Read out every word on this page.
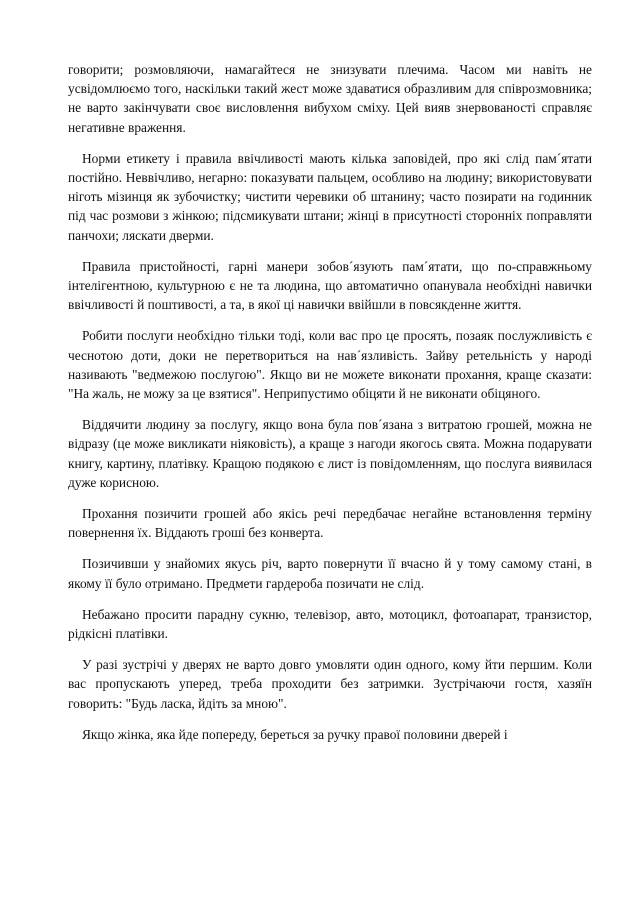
говорити; розмовляючи, намагайтеся не знизувати плечима. Часом ми навіть не усвідомлюємо того, наскільки такий жест може здаватися образливим для співрозмовника; не варто закінчувати своє висловлення вибухом сміху. Цей вияв знервованості справляє негативне враження.

Норми етикету і правила ввічливості мають кілька заповідей, про які слід пам´ятати постійно. Неввічливо, негарно: показувати пальцем, особливо на людину; використовувати ніготь мізинця як зубочистку; чистити черевики об штанину; часто позирати на годинник під час розмови з жінкою; підсмикувати штани; жінці в присутності сторонніх поправляти панчохи; ляскати дверми.

Правила пристойності, гарні манери зобов´язують пам´ятати, що по-справжньому інтелігентною, культурною є не та людина, що автоматично опанувала необхідні навички ввічливості й поштивості, а та, в якої ці навички ввійшли в повсякденне життя.

Робити послуги необхідно тільки тоді, коли вас про це просять, позаяк послужливість є чеснотою доти, доки не перетвориться на нав´язливість. Зайву ретельність у народі називають "ведмежою послугою". Якщо ви не можете виконати прохання, краще сказати: "На жаль, не можу за це взятися". Неприпустимо обіцяти й не виконати обіцяного.

Віддячити людину за послугу, якщо вона була пов´язана з витратою грошей, можна не відразу (це може викликати ніяковість), а краще з нагоди якогось свята. Можна подарувати книгу, картину, платівку. Кращою подякою є лист із повідомленням, що послуга виявилася дуже корисною.

Прохання позичити грошей або якісь речі передбачає негайне встановлення терміну повернення їх. Віддають гроші без конверта.

Позичивши у знайомих якусь річ, варто повернути її вчасно й у тому самому стані, в якому її було отримано. Предмети гардероба позичати не слід.

Небажано просити парадну сукню, телевізор, авто, мотоцикл, фотоапарат, транзистор, рідкісні платівки.

У разі зустрічі у дверях не варто довго умовляти один одного, кому йти першим. Коли вас пропускають уперед, треба проходити без затримки. Зустрічаючи гостя, хазяїн говорить: "Будь ласка, йдіть за мною".

Якщо жінка, яка йде попереду, береться за ручку правої половини дверей і
